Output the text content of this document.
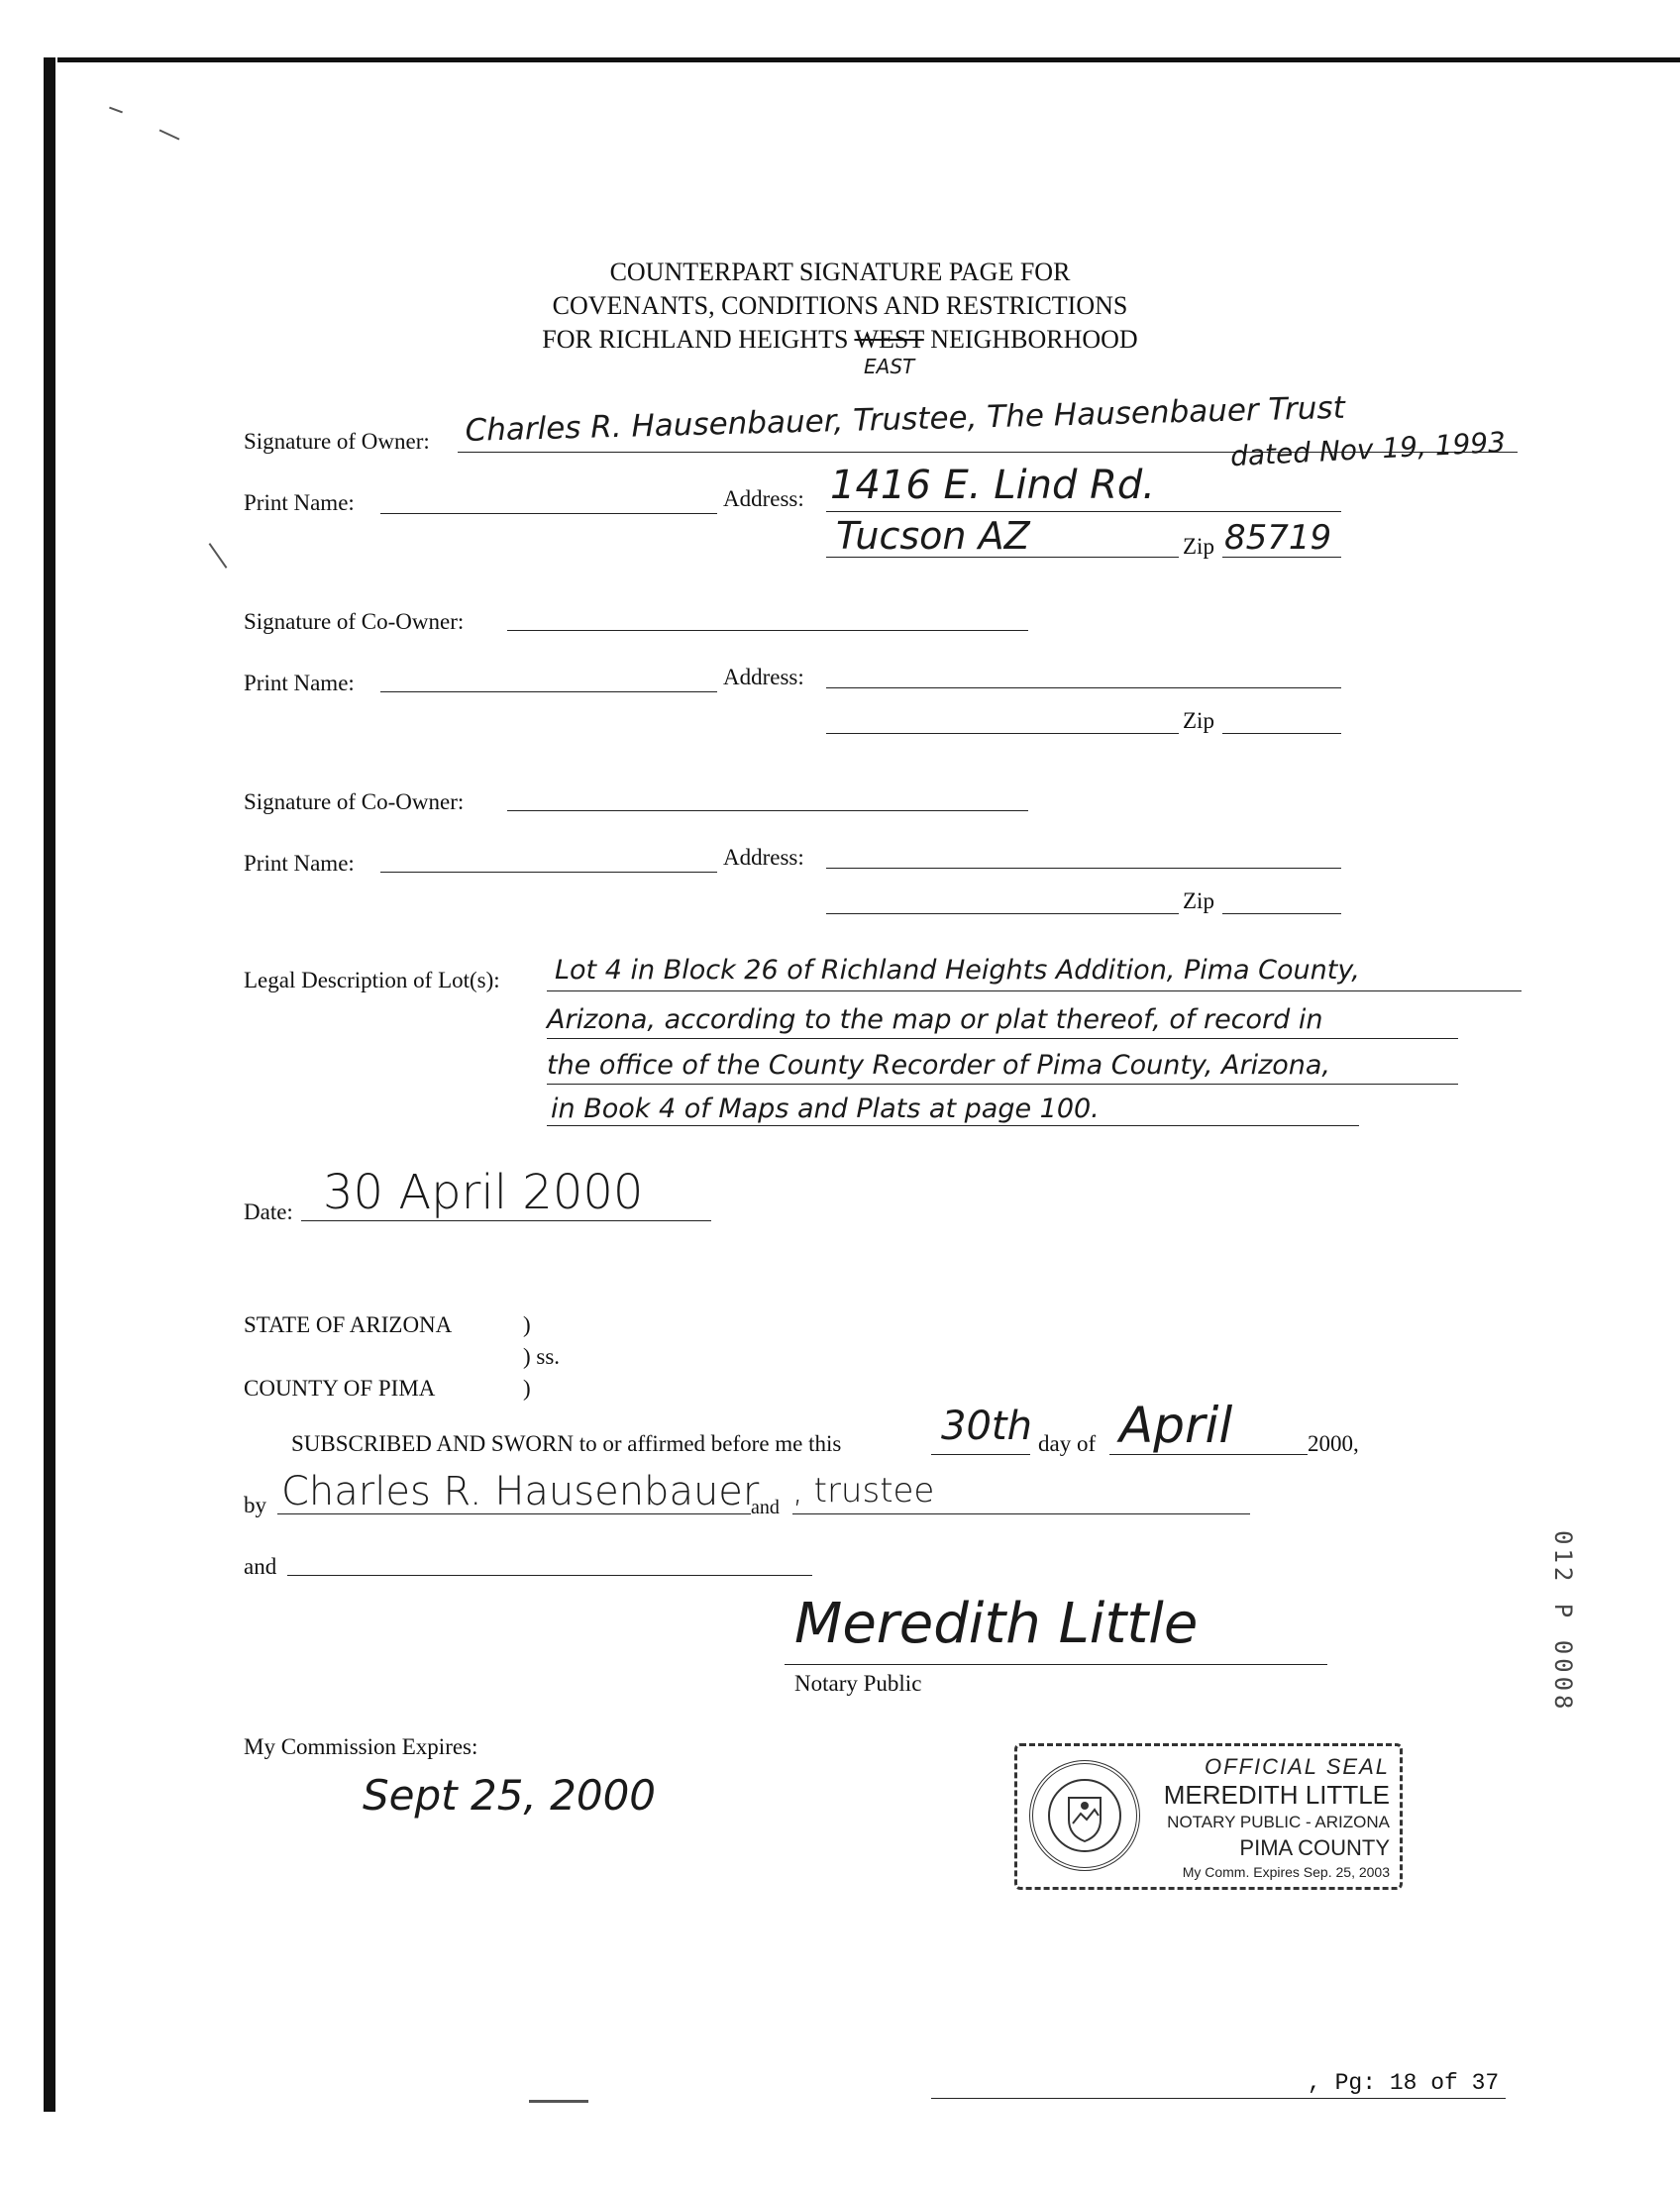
COUNTERPART SIGNATURE PAGE FOR
COVENANTS, CONDITIONS AND RESTRICTIONS
FOR RICHLAND HEIGHTS WEST NEIGHBORHOOD
EAST
Signature of Owner: Charles R. Hausenbauer, Trustee, The Hausenbauer Trust
dated Nov 19, 1993
Print Name:	Address: 1416 E. Lind Rd.
Tucson AZ	Zip 85719
Signature of Co-Owner:
Print Name:	Address:
Zip
Signature of Co-Owner:
Print Name:	Address:
Zip
Legal Description of Lot(s): Lot 4 in Block 26 of Richland Heights Addition, Pima County,
Arizona, according to the map or plat thereof, of record in
the office of the County Recorder of Pima County, Arizona,
in Book 4 of Maps and Plats at page 100.
Date: 30 April 2000
STATE OF ARIZONA	)
) ss.
COUNTY OF PIMA	)
SUBSCRIBED AND SWORN to or affirmed before me this	30th day of April	2000,
by Charles R. Hausenbauer
and , trustee
and
Meredith Little
Notary Public
My Commission Expires:
Sept 25, 2000
OFFICIAL SEAL
MEREDITH LITTLE
NOTARY PUBLIC - ARIZONA
PIMA COUNTY
My Comm. Expires Sep. 25, 2003
012 P 0008
, Pg: 18 of 37
